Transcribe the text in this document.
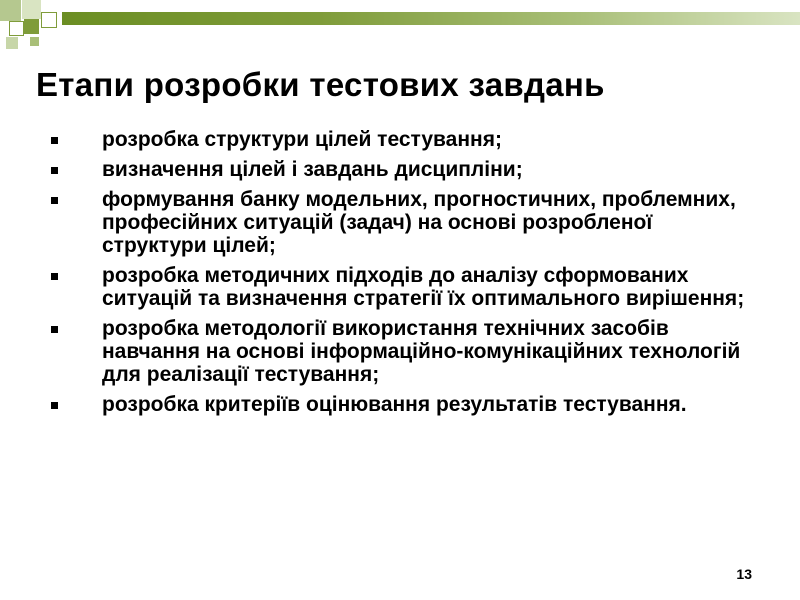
Етапи розробки тестових завдань
розробка структури цілей тестування;
визначення цілей і завдань дисципліни;
формування банку модельних, прогностичних, проблемних, професійних ситуацій (задач) на основі розробленої структури цілей;
розробка методичних підходів до аналізу сформованих ситуацій та визначення стратегії їх оптимального вирішення;
розробка методології використання технічних засобів навчання на основі інформаційно-комунікаційних технологій для реалізації тестування;
розробка критеріїв оцінювання результатів тестування.
13
